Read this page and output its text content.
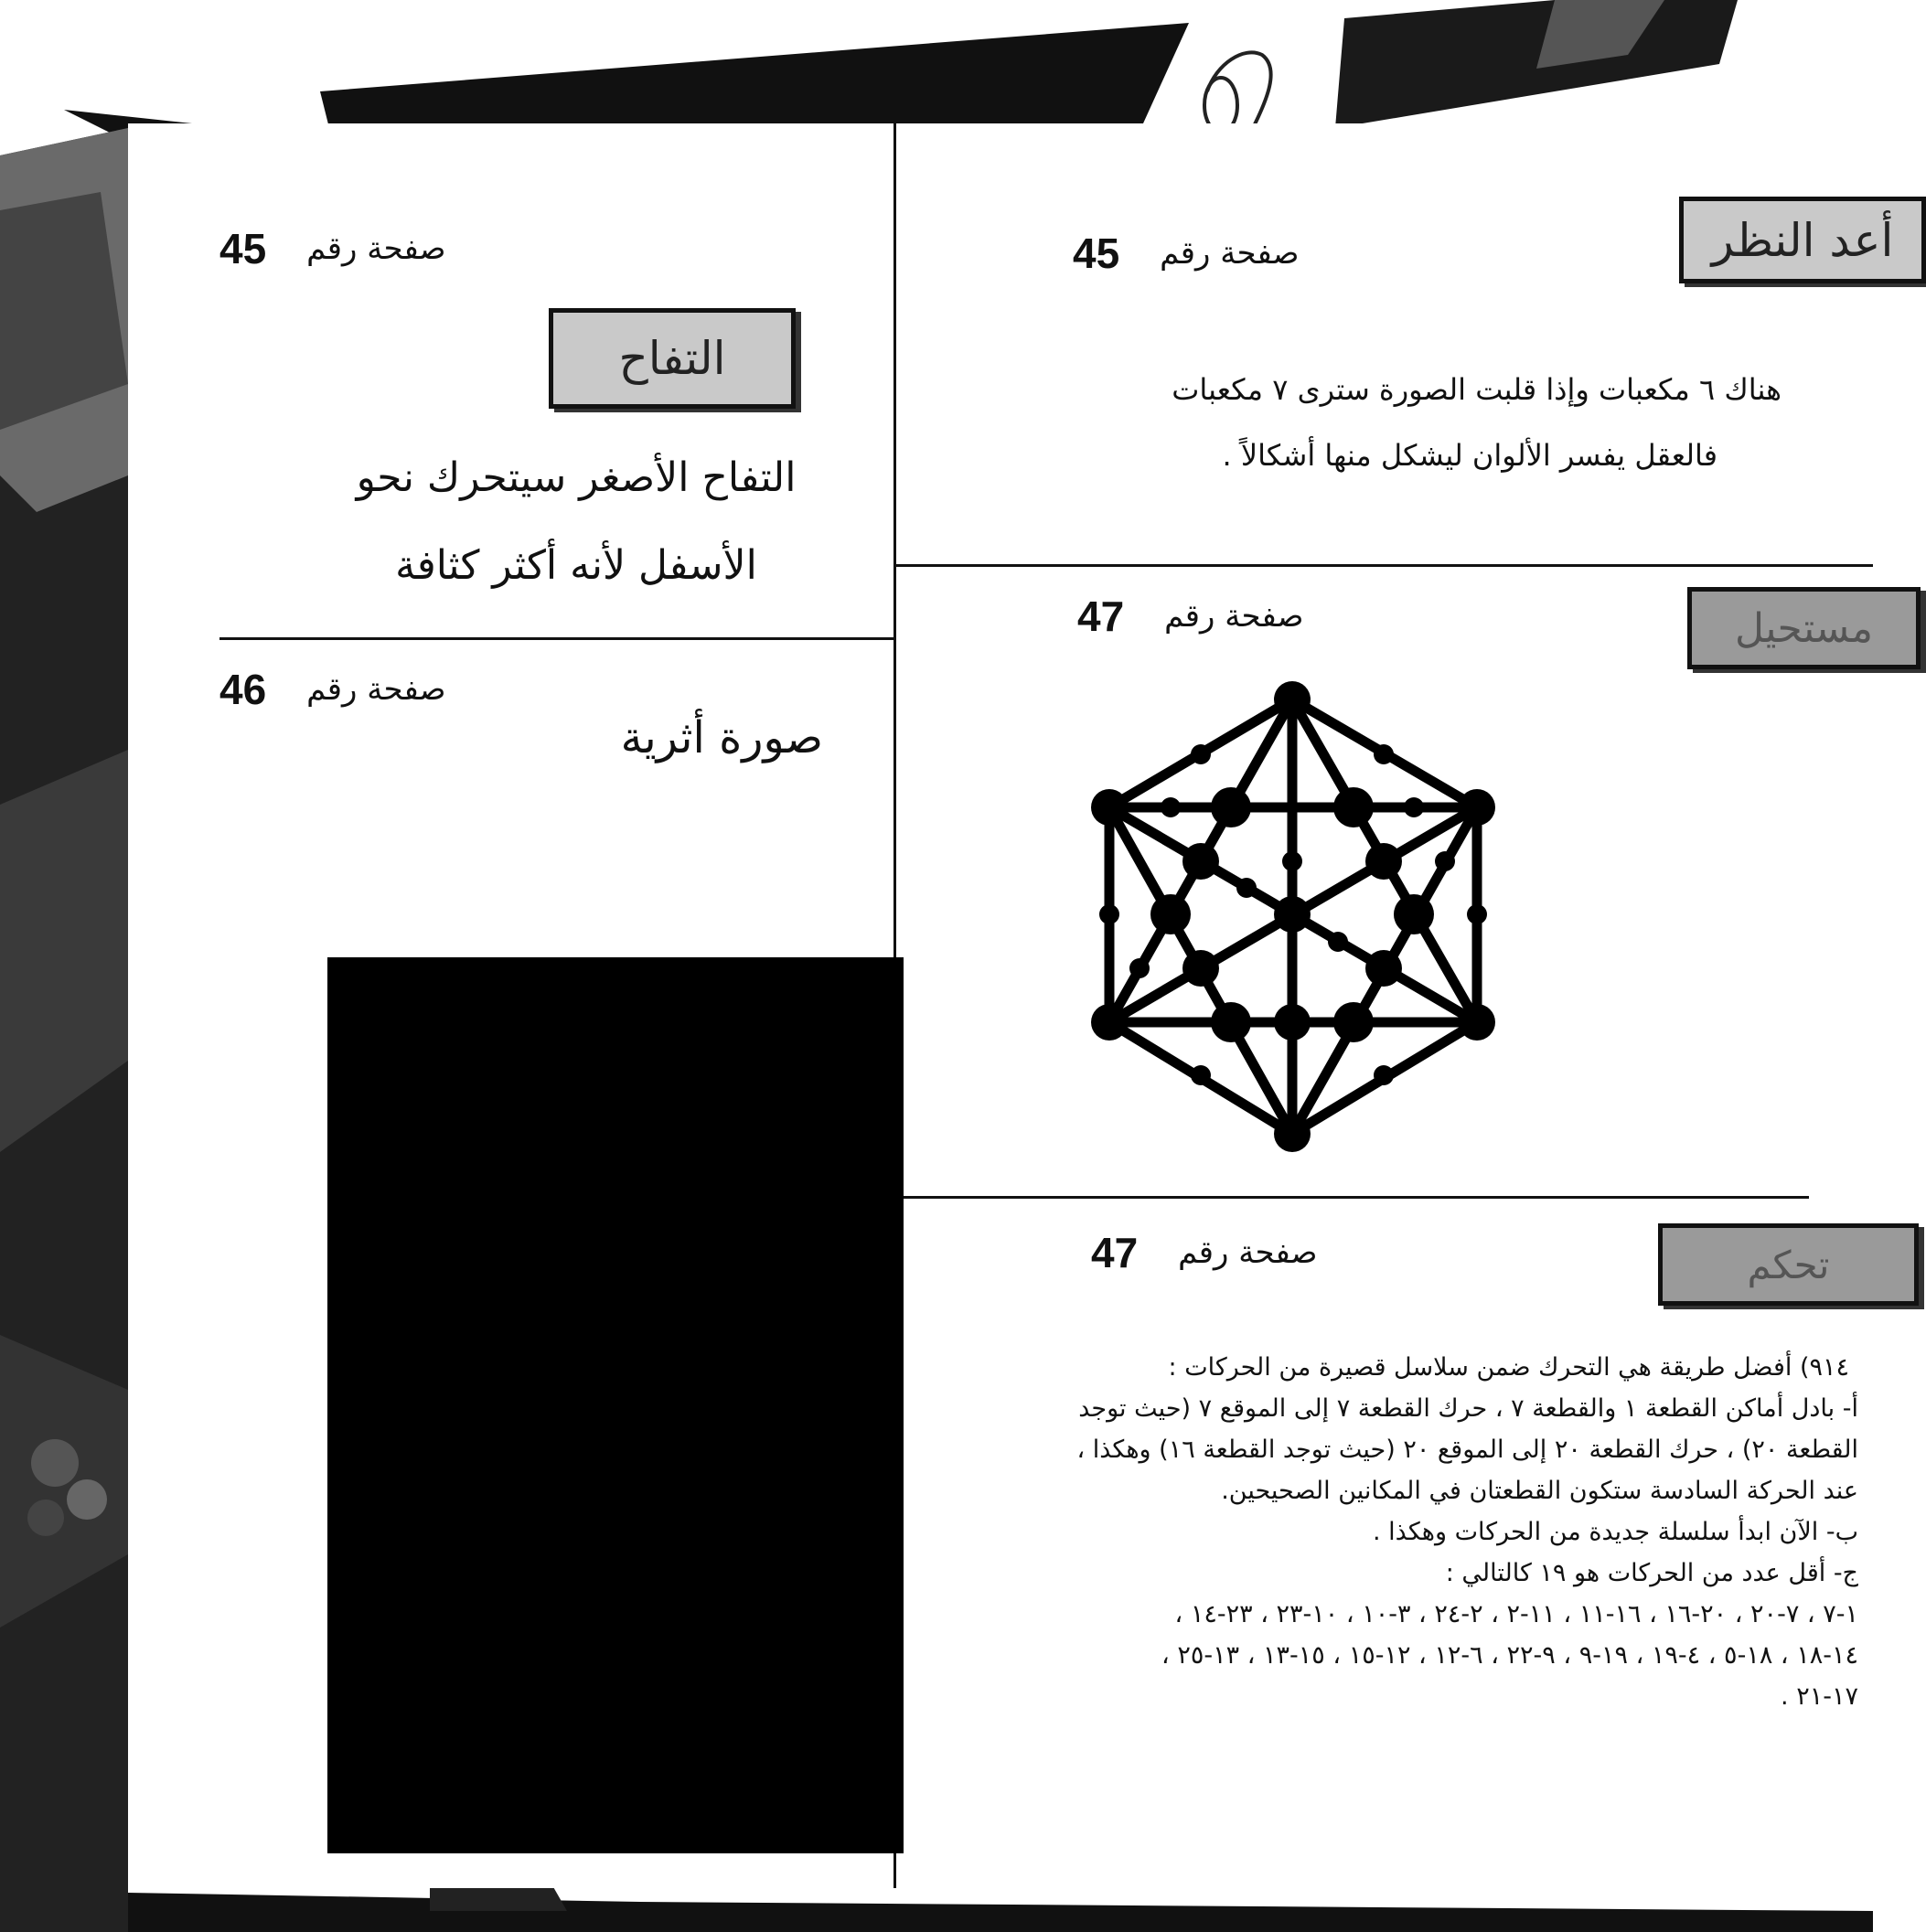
أعد النظر
صفحة رقم
45
هناك ٦ مكعبات وإذا قلبت الصورة سترى ٧ مكعبات
فالعقل يفسر الألوان ليشكل منها أشكالاً .
صفحة رقم
45
التفاح
التفاح الأصغر سيتحرك نحو
الأسفل لأنه أكثر كثافة
صفحة رقم
47	مستحيل
صفحة رقم
46
صورة أثرية
صفحة رقم
47	تحكم
٩١٤) أفضل طريقة هي التحرك ضمن سلاسل قصيرة من الحركات :
أ- بادل أماكن القطعة ١ والقطعة ٧ ، حرك القطعة ٧ إلى الموقع ٧ (حيث توجد
القطعة ٢٠) ، حرك القطعة ٢٠ إلى الموقع ٢٠ (حيث توجد القطعة ١٦) وهكذا ،
عند الحركة السادسة ستكون القطعتان في المكانين الصحيحين.
ب- الآن ابدأ سلسلة جديدة من الحركات وهكذا .
ج- أقل عدد من الحركات هو ١٩ كالتالي :
١-٧ ، ٧-٢٠ ، ٢٠-١٦ ، ١٦-١١ ، ١١-٢ ، ٢-٢٤ ، ٣-١٠ ، ١٠-٢٣ ، ٢٣-١٤ ،
١٤-١٨ ، ١٨-٥ ، ٤-١٩ ، ١٩-٩ ، ٩-٢٢ ، ٦-١٢ ، ١٢-١٥ ، ١٥-١٣ ، ١٣-٢٥ ،
١٧-٢١ .
